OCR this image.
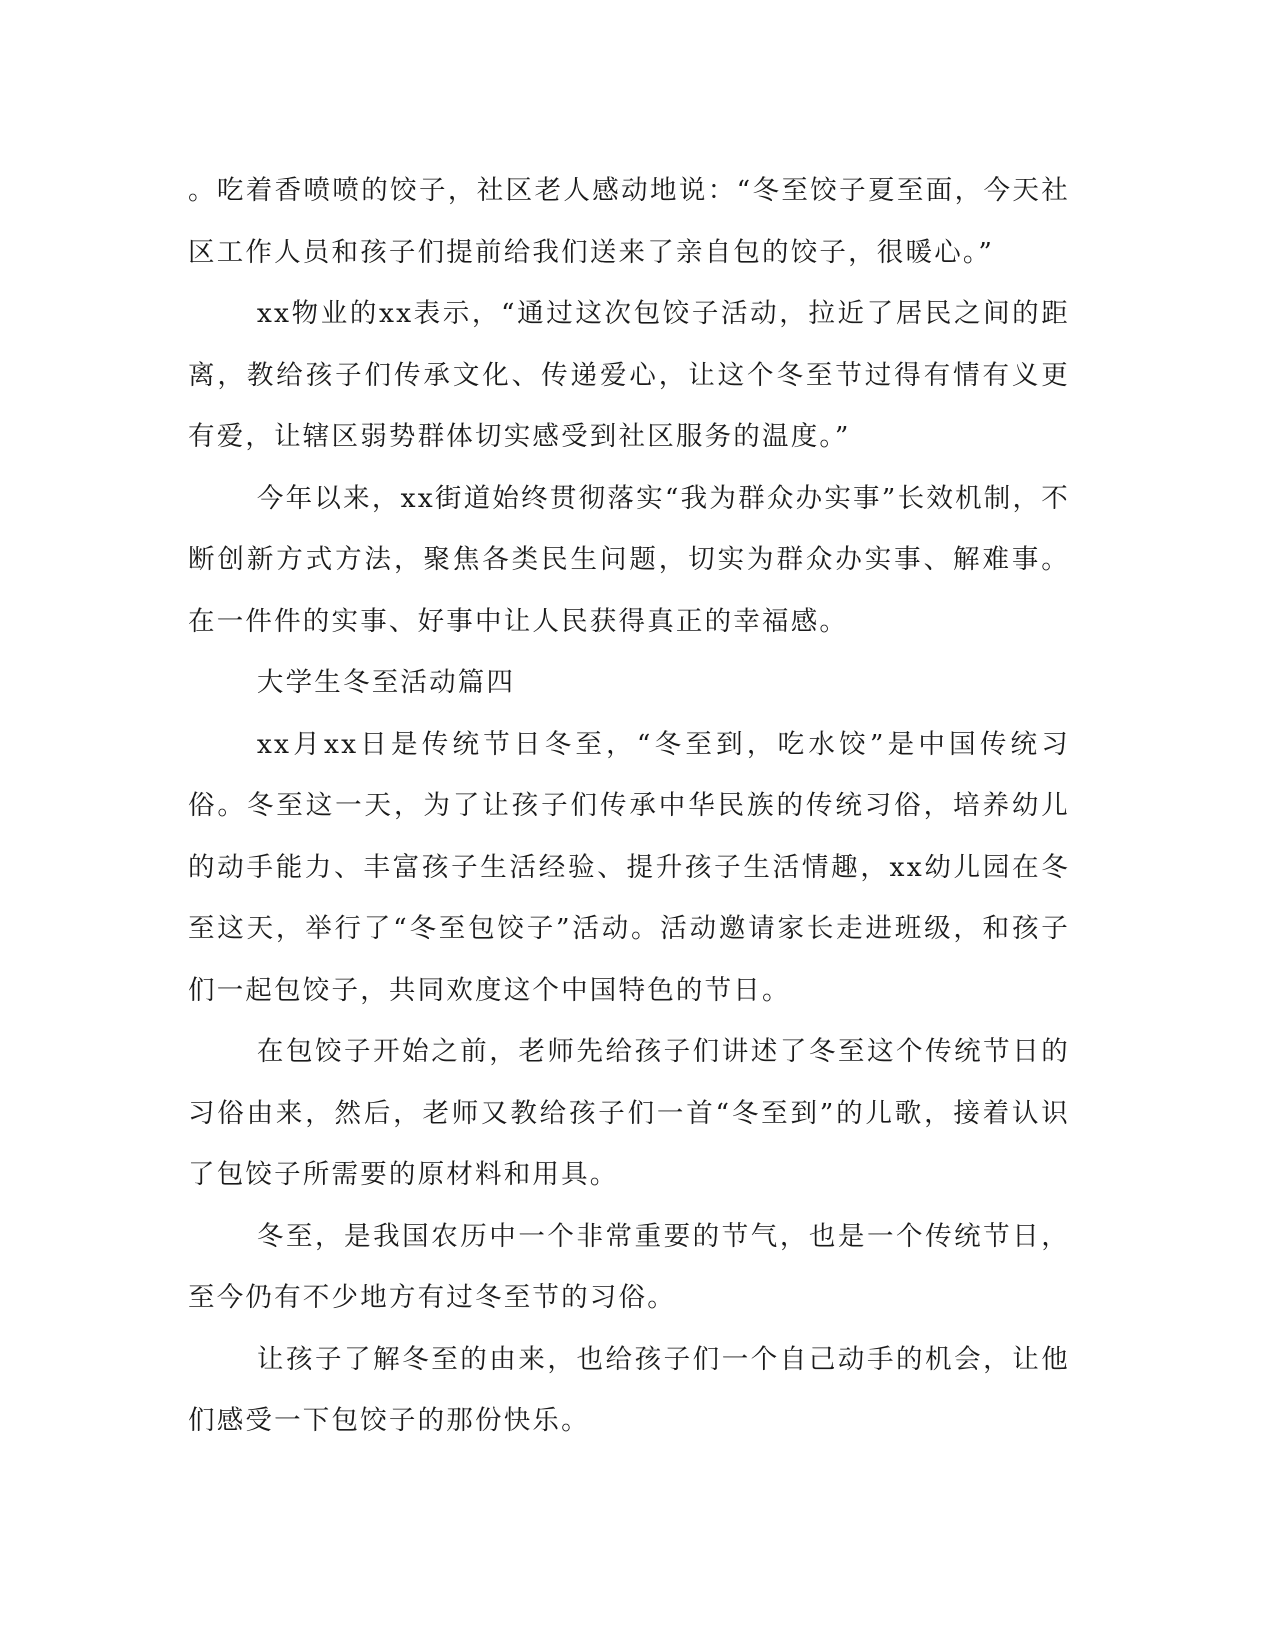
。吃着香喷喷的饺子，社区老人感动地说：“冬至饺子夏至面，今天社区工作人员和孩子们提前给我们送来了亲自包的饺子，很暖心。”

xx物业的xx表示，“通过这次包饺子活动，拉近了居民之间的距离，教给孩子们传承文化、传递爱心，让这个冬至节过得有情有义更有爱，让辖区弱势群体切实感受到社区服务的温度。”

今年以来，xx街道始终贯彻落实“我为群众办实事”长效机制，不断创新方式方法，聚焦各类民生问题，切实为群众办实事、解难事。在一件件的实事、好事中让人民获得真正的幸福感。

大学生冬至活动篇四

xx月xx日是传统节日冬至，“冬至到，吃水饺”是中国传统习俗。冬至这一天，为了让孩子们传承中华民族的传统习俗，培养幼儿的动手能力、丰富孩子生活经验、提升孩子生活情趣，xx幼儿园在冬至这天，举行了“冬至包饺子”活动。活动邀请家长走进班级，和孩子们一起包饺子，共同欢度这个中国特色的节日。

在包饺子开始之前，老师先给孩子们讲述了冬至这个传统节日的习俗由来，然后，老师又教给孩子们一首“冬至到”的儿歌，接着认识了包饺子所需要的原材料和用具。

冬至，是我国农历中一个非常重要的节气，也是一个传统节日，至今仍有不少地方有过冬至节的习俗。

让孩子了解冬至的由来，也给孩子们一个自己动手的机会，让他们感受一下包饺子的那份快乐。
